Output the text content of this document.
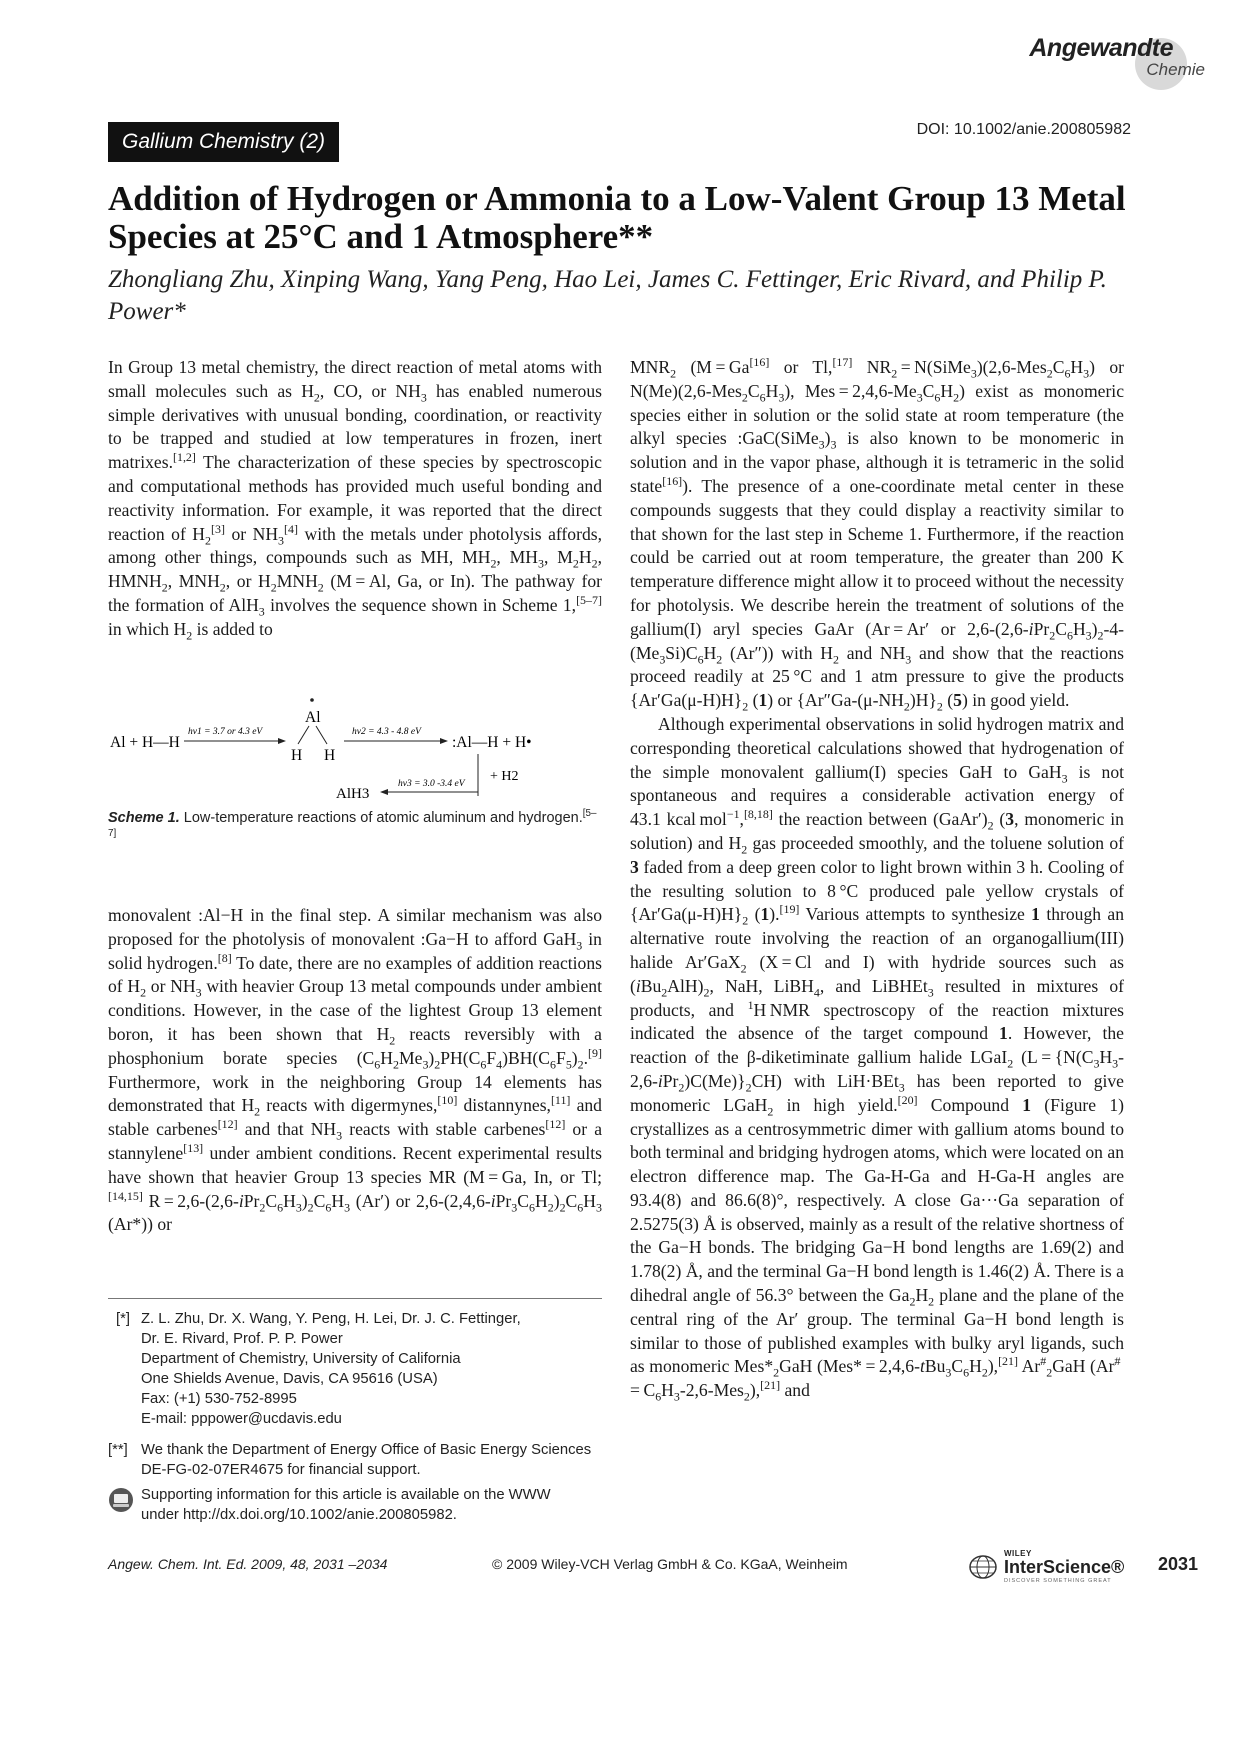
Angewandte
Chemie
Gallium Chemistry (2)
DOI: 10.1002/anie.200805982
Addition of Hydrogen or Ammonia to a Low-Valent Group 13 Metal Species at 25°C and 1 Atmosphere**
Zhongliang Zhu, Xinping Wang, Yang Peng, Hao Lei, James C. Fettinger, Eric Rivard, and Philip P. Power*

In Group 13 metal chemistry, the direct reaction of metal atoms with small molecules such as $H_2$, CO, or $NH_3$ has enabled numerous simple derivatives with unusual bonding, coordination, or reactivity to be trapped and studied at low temperatures in frozen, inert matrixes.[1,2] The characterization of these species by spectroscopic and computational methods has provided much useful bonding and reactivity information. For example, it was reported that the direct reaction of $H_2[3]$ or $NH_3[4]$ with the metals under photolysis affords, among other things, compounds such as MH, $MH_2$, $MH_3$, $M_2H_2$, $HMNH_2$, $MNH_2$, or $H_2MNH_2$ (M = Al, Ga, or In). The pathway for the formation of AlH$_3$ involves the sequence shown in Scheme 1,[5–7] in which $H_2$ is added to

Al + H—H
hν1 = 3.7 or 4.3 eV
Al
H H
hν2 = 4.3 - 4.8 eV
:Al—H + H•
+ H2
hν3 = 3.0 -3.4 eV
AlH3
Scheme 1. Low-temperature reactions of atomic aluminum and hydrogen.[5–7]

monovalent :Al−H in the final step. A similar mechanism was also proposed for the photolysis of monovalent :Ga−H to afford GaH$_3$ in solid hydrogen.[8] To date, there are no examples of addition reactions of $H_2$ or $NH_3$ with heavier Group 13 metal compounds under ambient conditions. However, in the case of the lightest Group 13 element boron, it has been shown that $H_2$ reacts reversibly with a phosphonium borate species $(C_6H_2Me_3)_2PH(C_6F_4)BH(C_6F_5)_2.[9]$ Furthermore, work in the neighboring Group 14 elements has demonstrated that $H_2$ reacts with digermynes,[10] distannynes,[11] and stable carbenes[12] and that $NH_3$ reacts with stable carbenes[12] or a stannylene[13] under ambient conditions. Recent experimental results have shown that heavier Group 13 species MR (M = Ga, In, or Tl;[14,15] $R = 2,6-(2,6-iPr_2C_6H_3)_2C_6H_3$ (Ar′) or $2,6-(2,4,6-iPr_3C_6H_2)_2C_6H_3$ (Ar*)) or

[*] Z. L. Zhu, Dr. X. Wang, Y. Peng, H. Lei, Dr. J. C. Fettinger,
Dr. E. Rivard, Prof. P. P. Power
Department of Chemistry, University of California
One Shields Avenue, Davis, CA 95616 (USA)
Fax: (+1) 530-752-8995
E-mail: pppower@ucdavis.edu
[**] We thank the Department of Energy Office of Basic Energy Sciences
DE-FG-02-07ER4675 for financial support.
Supporting information for this article is available on the WWW
under http://dx.doi.org/10.1002/anie.200805982.

$MNR_2$ (M = Ga[16] or Tl,[17] $NR_2$ = $N(SiMe_3)(2,6-Mes_2C_6H_3)$ or $N(Me)(2,6-Mes_2C_6H_3)$, Mes = $2,4,6-Me_3C_6H_2$) exist as monomeric species either in solution or the solid state at room temperature (the alkyl species $:GaC(SiMe_3)_3$ is also known to be monomeric in solution and in the vapor phase, although it is tetrameric in the solid state[16]). The presence of a one-coordinate metal center in these compounds suggests that they could display a reactivity similar to that shown for the last step in Scheme 1. Furthermore, if the reaction could be carried out at room temperature, the greater than 200 K temperature difference might allow it to proceed without the necessity for photolysis. We describe herein the treatment of solutions of the gallium(I) aryl species GaAr (Ar = Ar′ or $2,6-(2,6-iPr_2C_6H_3)_2-4-(Me_3Si)C_6H_2$ (Ar″)) with $H_2$ and $NH_3$ and show that the reactions proceed readily at 25 °C and 1 atm pressure to give the products $\{Ar'Ga(\mu-H)H\}_2$ (1) or $\{Ar''Ga-(\mu-NH_2)H\}_2$ (5) in good yield.

Although experimental observations in solid hydrogen matrix and corresponding theoretical calculations showed that hydrogenation of the simple monovalent gallium(I) species GaH to GaH$_3$ is not spontaneous and requires a considerable activation energy of 43.1 kcal mol$^{-1}$,[8,18] the reaction between $(GaAr')_2$ (3, monomeric in solution) and $H_2$ gas proceeded smoothly, and the toluene solution of 3 faded from a deep green color to light brown within 3 h. Cooling of the resulting solution to 8 °C produced pale yellow crystals of $\{Ar'Ga(\mu-H)H\}_2$ (1).[19] Various attempts to synthesize 1 through an alternative route involving the reaction of an organogallium(III) halide Ar′GaX$_2$ (X = Cl and I) with hydride sources such as $(iBu_2AlH)_2$, NaH, LiBH$_4$, and LiBHEt$_3$ resulted in mixtures of products, and $^1$H NMR spectroscopy of the reaction mixtures indicated the absence of the target compound 1. However, the reaction of the β-diketiminate gallium halide LGaI$_2$ $(L = \{N(C_3H_3-2,6-iPr_2)C(Me)\}_2CH)$ with LiH·BEt$_3$ has been reported to give monomeric LGaH$_2$ in high yield.[20] Compound 1 (Figure 1) crystallizes as a centrosymmetric dimer with gallium atoms bound to both terminal and bridging hydrogen atoms, which were located on an electron difference map. The Ga-H-Ga and H-Ga-H angles are 93.4(8) and 86.6(8)°, respectively. A close Ga···Ga separation of 2.5275(3) Å is observed, mainly as a result of the relative shortness of the Ga−H bonds. The bridging Ga−H bond lengths are 1.69(2) and 1.78(2) Å, and the terminal Ga−H bond length is 1.46(2) Å. There is a dihedral angle of 56.3° between the $Ga_2H_2$ plane and the plane of the central ring of the Ar′ group. The terminal Ga−H bond length is similar to those of published examples with bulky aryl ligands, such as monomeric $Mes*_2GaH$ $(Mes* = 2,4,6-tBu_3C_6H_2),[21]$ $Ar^{\#}_2GaH$ $(Ar^{\#} = C_6H_3-2,6-Mes_2),[21]$ and

Angew. Chem. Int. Ed. 2009, 48, 2031 –2034	© 2009 Wiley-VCH Verlag GmbH & Co. KGaA, Weinheim
WILEY
InterScience®
DISCOVER SOMETHING GREAT
2031
